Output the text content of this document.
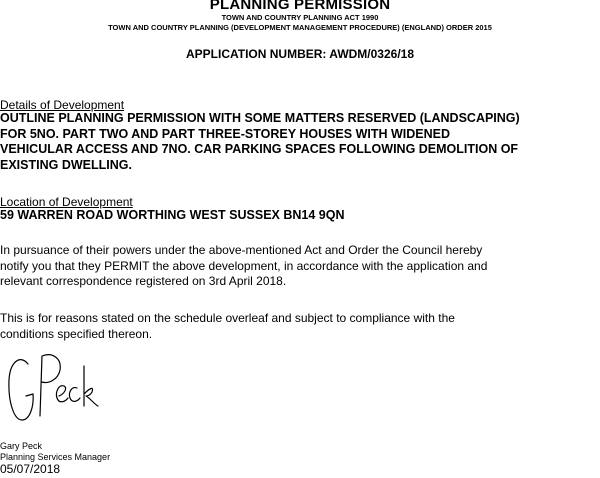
PLANNING PERMISSION
TOWN AND COUNTRY PLANNING ACT 1990
TOWN AND COUNTRY PLANNING (DEVELOPMENT MANAGEMENT PROCEDURE) (ENGLAND) ORDER 2015
APPLICATION NUMBER: AWDM/0326/18
Details of Development
OUTLINE PLANNING PERMISSION WITH SOME MATTERS RESERVED (LANDSCAPING)
FOR 5NO. PART TWO AND PART THREE-STOREY HOUSES WITH WIDENED
VEHICULAR ACCESS AND 7NO. CAR PARKING SPACES FOLLOWING DEMOLITION OF
EXISTING DWELLING.
Location of Development
59 WARREN ROAD WORTHING WEST SUSSEX BN14 9QN
In pursuance of their powers under the above-mentioned Act and Order the Council hereby
notify you that they PERMIT the above development, in accordance with the application and
relevant correspondence registered on 3rd April 2018.
This is for reasons stated on the schedule overleaf and subject to compliance with the
conditions specified thereon.
Gary Peck
Planning Services Manager
05/07/2018
